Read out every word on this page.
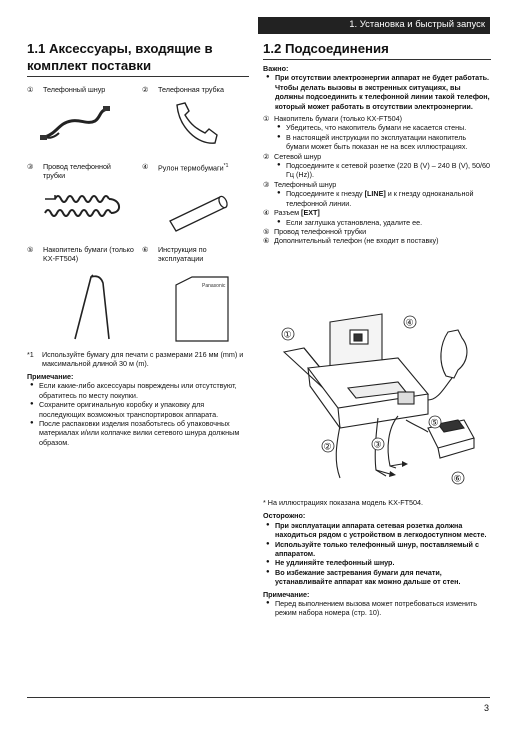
1. Установка и быстрый запуск
1.1 Аксессуары, входящие в
комплект поставки
① Телефонный шнур	② Телефонная трубка
③ Провод телефонной трубки
④ Рулон термобумаги$^{*1}$
⑤ Накопитель бумаги (только KX-FT504)
⑥ Инструкция по эксплуатации
Panasonic
*1 Используйте бумагу для печати с размерами 216 мм (mm) и максимальной длиной 30 м (m).
Примечание:
● Если какие-либо аксессуары повреждены или отсутствуют, обратитесь по месту покупки.
● Сохраните оригинальную коробку и упаковку для последующих возможных транспортировок аппарата.
● После распаковки изделия позаботьтесь об упаковочных материалах и/или колпачке вилки сетевого шнура должным образом.
1.2 Подсоединения
Важно:
● При отсутствии электроэнергии аппарат не будет работать. Чтобы делать вызовы в экстренных ситуациях, вы должны подсоединить к телефонной линии такой телефон, который может работать в отсутствии электроэнергии.
① Накопитель бумаги (только KX-FT504)
● Убедитесь, что накопитель бумаги не касается стены.
● В настоящей инструкции по эксплуатации накопитель бумаги может быть показан не на всех иллюстрациях.
② Сетевой шнур
● Подсоедините к сетевой розетке (220 В (V) – 240 В (V), 50/60 Гц (Hz)).
③ Телефонный шнур
● Подсоедините к гнезду [LINE] и к гнезду одноканальной телефонной линии.
④ Разъем [EXT]
● Если заглушка установлена, удалите ее.
⑤ Провод телефонной трубки
⑥ Дополнительный телефон (не входит в поставку)
①
②	③
④
⑤
⑥
* На иллюстрациях показана модель KX-FT504.
Осторожно:
● При эксплуатации аппарата сетевая розетка должна находиться рядом с устройством в легкодоступном месте.
● Используйте только телефонный шнур, поставляемый с аппаратом.
● Не удлиняйте телефонный шнур.
● Во избежание застревания бумаги для печати, устанавливайте аппарат как можно дальше от стен.
Примечание:
● Перед выполнением вызова может потребоваться изменить режим набора номера (стр. 10).
3
